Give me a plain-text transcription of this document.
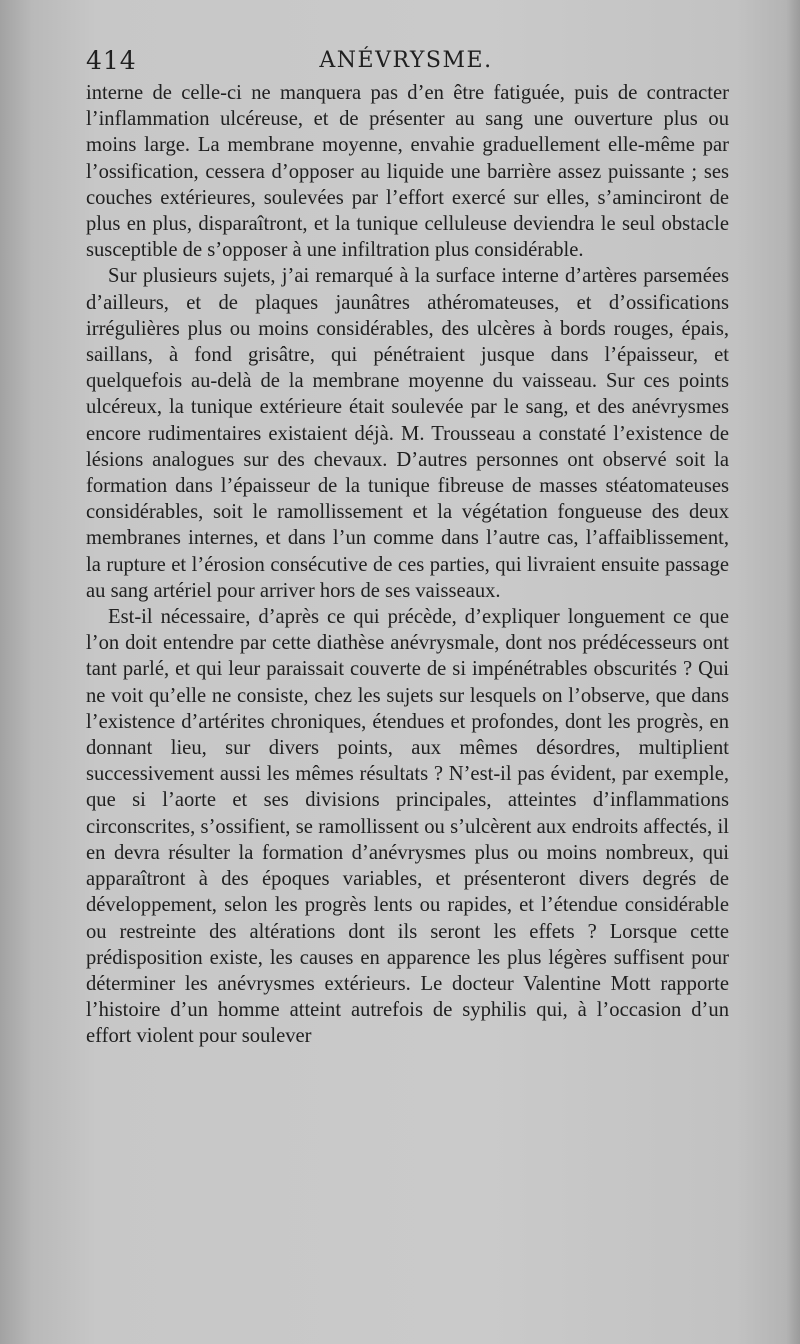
414	ANÉVRYSME.

interne de celle-ci ne manquera pas d’en être fatiguée, puis de contracter l’inflammation ulcéreuse, et de présenter au sang une ouverture plus ou moins large. La membrane moyenne, envahie graduellement elle-même par l’ossification, cessera d’opposer au liquide une barrière assez puissante ; ses couches extérieures, soulevées par l’effort exercé sur elles, s’aminciront de plus en plus, disparaîtront, et la tunique celluleuse deviendra le seul obstacle susceptible de s’opposer à une infiltration plus considérable.

Sur plusieurs sujets, j’ai remarqué à la surface interne d’artères parsemées d’ailleurs, et de plaques jaunâtres athéromateuses, et d’ossifications irrégulières plus ou moins considérables, des ulcères à bords rouges, épais, saillans, à fond grisâtre, qui pénétraient jusque dans l’épaisseur, et quelquefois au-delà de la membrane moyenne du vaisseau. Sur ces points ulcéreux, la tunique extérieure était soulevée par le sang, et des anévrysmes encore rudimentaires existaient déjà. M. Trousseau a constaté l’existence de lésions analogues sur des chevaux. D’autres personnes ont observé soit la formation dans l’épaisseur de la tunique fibreuse de masses stéatomateuses considérables, soit le ramollissement et la végétation fongueuse des deux membranes internes, et dans l’un comme dans l’autre cas, l’affaiblissement, la rupture et l’érosion consécutive de ces parties, qui livraient ensuite passage au sang artériel pour arriver hors de ses vaisseaux.

Est-il nécessaire, d’après ce qui précède, d’expliquer longuement ce que l’on doit entendre par cette diathèse anévrysmale, dont nos prédécesseurs ont tant parlé, et qui leur paraissait couverte de si impénétrables obscurités ? Qui ne voit qu’elle ne consiste, chez les sujets sur lesquels on l’observe, que dans l’existence d’artérites chroniques, étendues et profondes, dont les progrès, en donnant lieu, sur divers points, aux mêmes désordres, multiplient successivement aussi les mêmes résultats ? N’est-il pas évident, par exemple, que si l’aorte et ses divisions principales, atteintes d’inflammations circonscrites, s’ossifient, se ramollissent ou s’ulcèrent aux endroits affectés, il en devra résulter la formation d’anévrysmes plus ou moins nombreux, qui apparaîtront à des époques variables, et présenteront divers degrés de développement, selon les progrès lents ou rapides, et l’étendue considérable ou restreinte des altérations dont ils seront les effets ? Lorsque cette prédisposition existe, les causes en apparence les plus légères suffisent pour déterminer les anévrysmes extérieurs. Le docteur Valentine Mott rapporte l’histoire d’un homme atteint autrefois de syphilis qui, à l’occasion d’un effort violent pour soulever
